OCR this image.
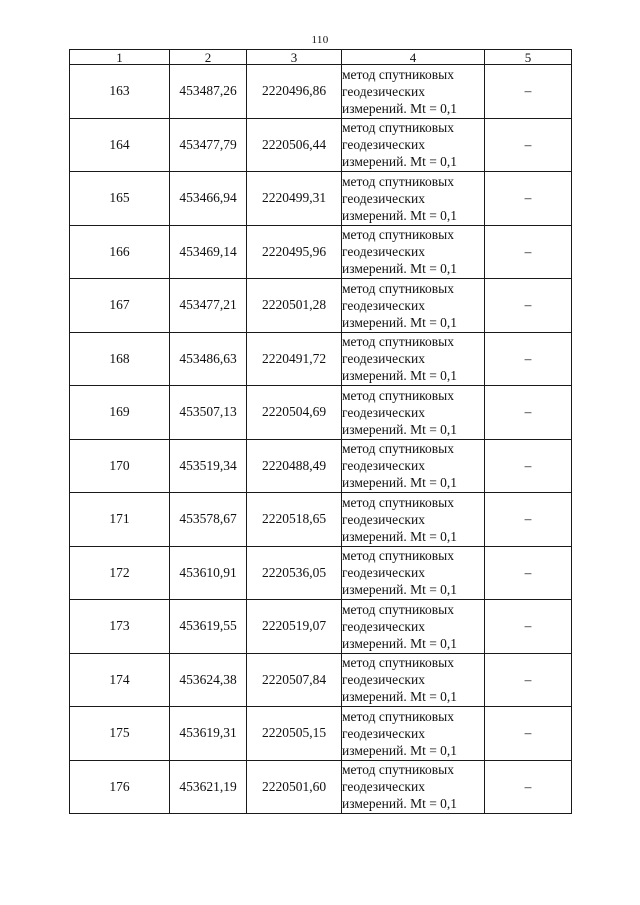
110
1	2	3	4	5
163	453487,26	2220496,86	метод спутниковых
геодезических
измерений. Mt = 0,1	–
164	453477,79	2220506,44	метод спутниковых
геодезических
измерений. Mt = 0,1	–
165	453466,94	2220499,31	метод спутниковых
геодезических
измерений. Mt = 0,1	–
166	453469,14	2220495,96	метод спутниковых
геодезических
измерений. Mt = 0,1	–
167	453477,21	2220501,28	метод спутниковых
геодезических
измерений. Mt = 0,1	–
168	453486,63	2220491,72	метод спутниковых
геодезических
измерений. Mt = 0,1	–
169	453507,13	2220504,69	метод спутниковых
геодезических
измерений. Mt = 0,1	–
170	453519,34	2220488,49	метод спутниковых
геодезических
измерений. Mt = 0,1	–
171	453578,67	2220518,65	метод спутниковых
геодезических
измерений. Mt = 0,1	–
172	453610,91	2220536,05	метод спутниковых
геодезических
измерений. Mt = 0,1	–
173	453619,55	2220519,07	метод спутниковых
геодезических
измерений. Mt = 0,1	–
174	453624,38	2220507,84	метод спутниковых
геодезических
измерений. Mt = 0,1	–
175	453619,31	2220505,15	метод спутниковых
геодезических
измерений. Mt = 0,1	–
176	453621,19	2220501,60	метод спутниковых
геодезических
измерений. Mt = 0,1	–
